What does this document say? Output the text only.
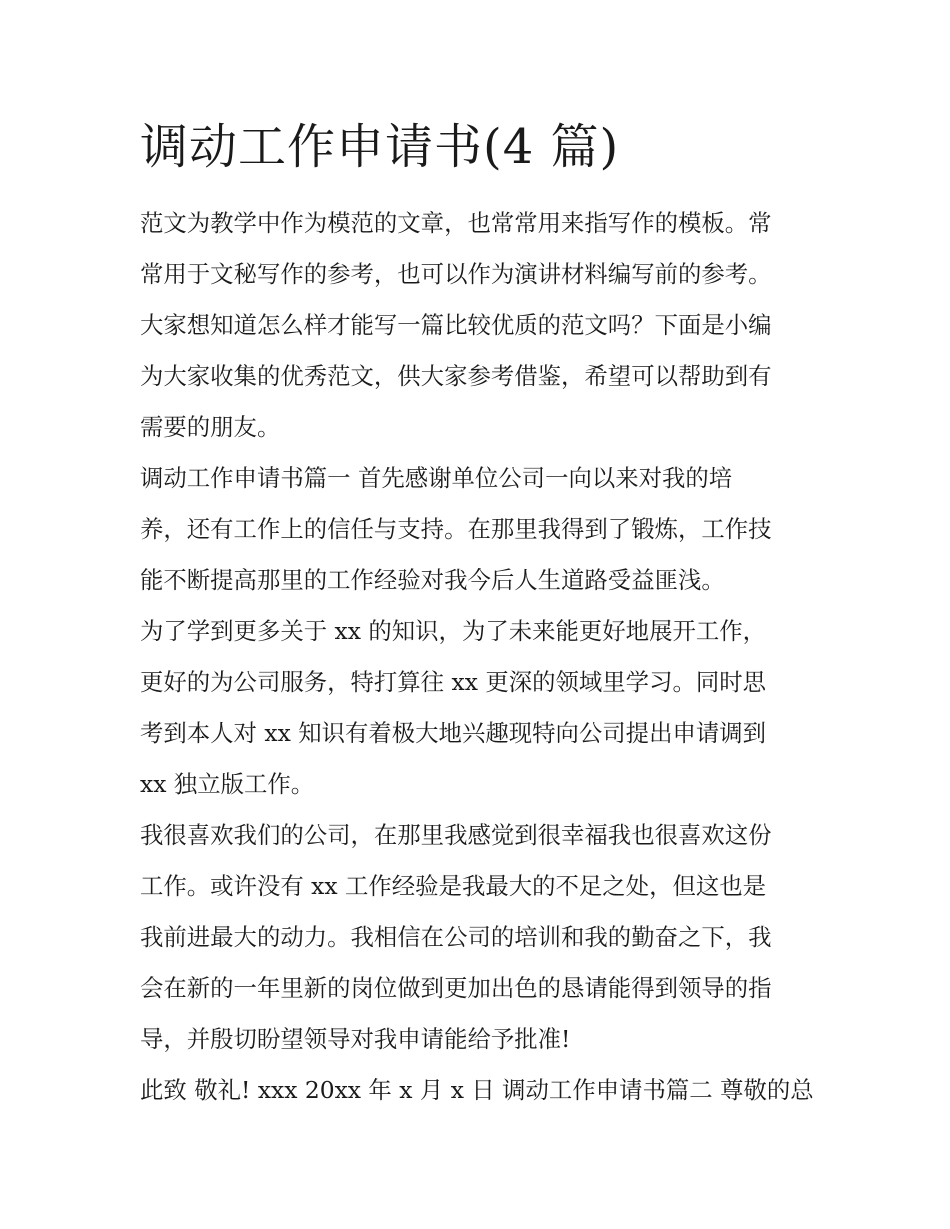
调动工作申请书(4 篇)

范文为教学中作为模范的文章，也常常用来指写作的模板。常
常用于文秘写作的参考，也可以作为演讲材料编写前的参考。
大家想知道怎么样才能写一篇比较优质的范文吗？下面是小编
为大家收集的优秀范文，供大家参考借鉴，希望可以帮助到有
需要的朋友。

调动工作申请书篇一 首先感谢单位公司一向以来对我的培
养，还有工作上的信任与支持。在那里我得到了锻炼，工作技
能不断提高那里的工作经验对我今后人生道路受益匪浅。

为了学到更多关于 xx 的知识，为了未来能更好地展开工作，
更好的为公司服务，特打算往 xx 更深的领域里学习。同时思
考到本人对 xx 知识有着极大地兴趣现特向公司提出申请调到
xx 独立版工作。

我很喜欢我们的公司，在那里我感觉到很幸福我也很喜欢这份
工作。或许没有 xx 工作经验是我最大的不足之处，但这也是
我前进最大的动力。我相信在公司的培训和我的勤奋之下，我
会在新的一年里新的岗位做到更加出色的恳请能得到领导的指
导，并殷切盼望领导对我申请能给予批准!

此致 敬礼! xxx 20xx 年 x 月 x 日 调动工作申请书篇二 尊敬的总
